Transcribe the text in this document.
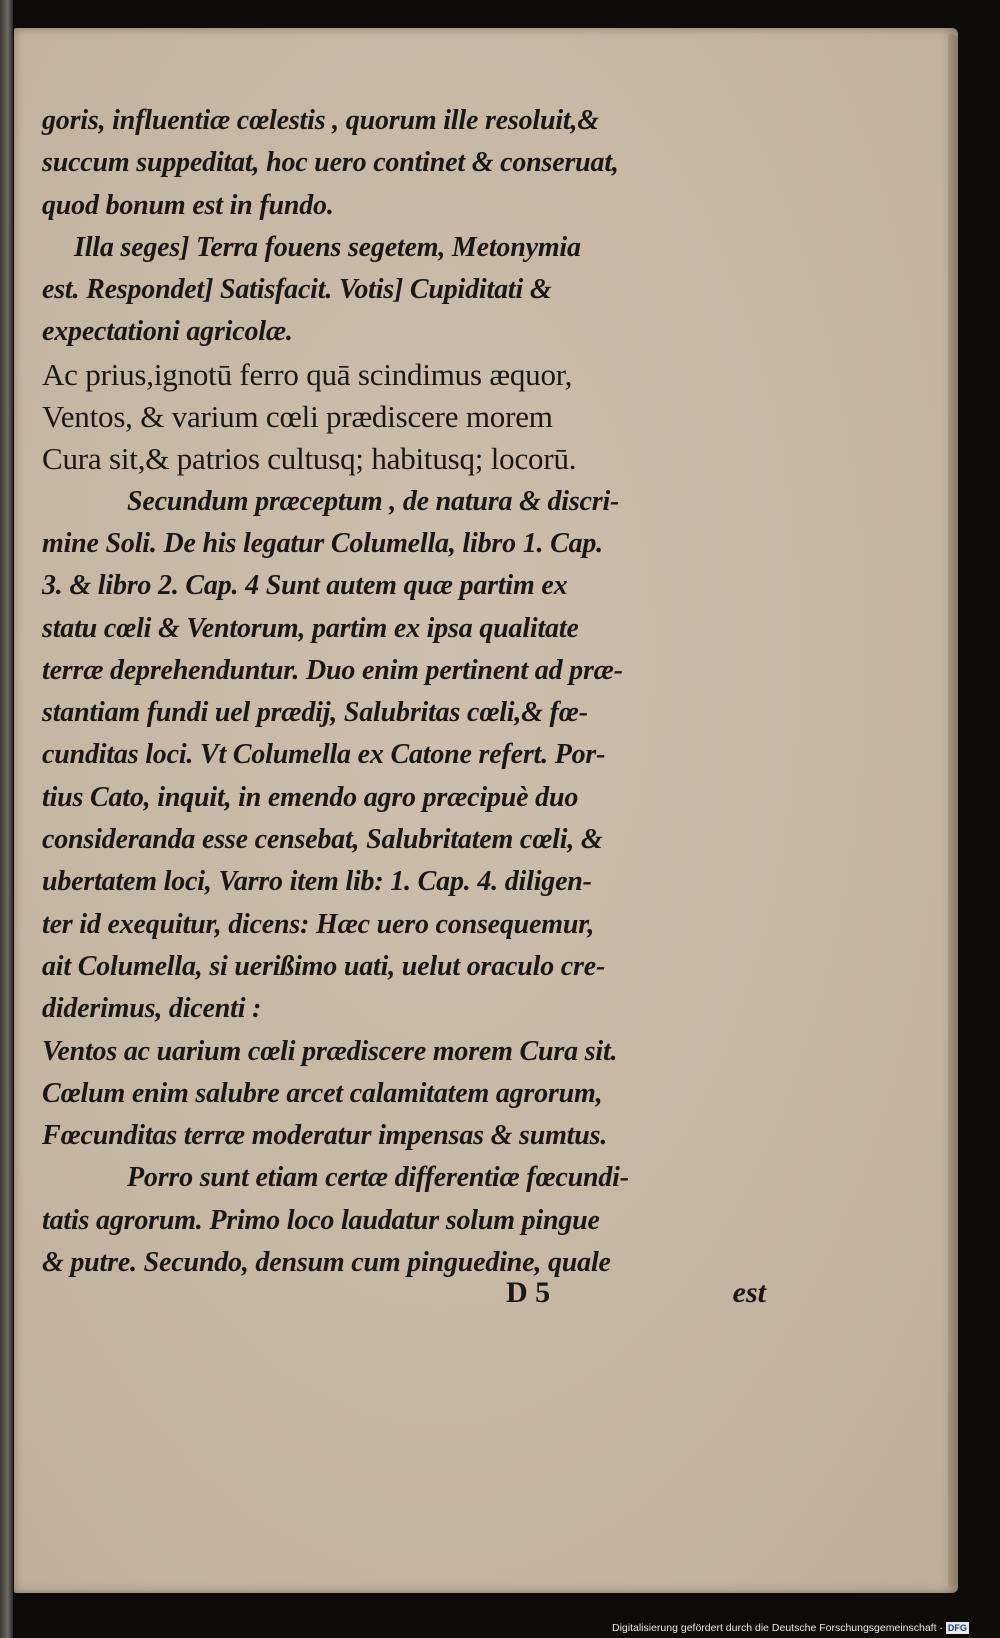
goris, influentiæ cœlestis , quorum ille resoluit,&
succum suppeditat, hoc uero continet & conseruat,
quod bonum est in fundo.
Illa seges] Terra fouens segetem, Metonymia
est. Respondet] Satisfacit. Votis] Cupiditati &
expectationi agricolæ.
Ac prius,ignotū ferro quā scindimus æquor,
Ventos, & varium cœli prædiscere morem
Cura sit,& patrios cultusq; habitusq; locorū.
Secundum præceptum , de natura & discri-
mine Soli. De his legatur Columella, libro 1. Cap.
3. & libro 2. Cap. 4 Sunt autem quæ partim ex
statu cœli & Ventorum, partim ex ipsa qualitate
terræ deprehenduntur. Duo enim pertinent ad præ-
stantiam fundi uel prædij, Salubritas cœli,& fœ-
cunditas loci. Vt Columella ex Catone refert. Por-
tius Cato, inquit, in emendo agro præcipuè duo
consideranda esse censebat, Salubritatem cœli, &
ubertatem loci, Varro item lib: 1. Cap. 4. diligen-
ter id exequitur, dicens: Hæc uero consequemur,
ait Columella, si uerißimo uati, uelut oraculo cre-
diderimus, dicenti :
Ventos ac uarium cœli prædiscere morem Cura sit.
Cœlum enim salubre arcet calamitatem agrorum,
Fœcunditas terræ moderatur impensas & sumtus.
Porro sunt etiam certæ differentiæ fœcundi-
tatis agrorum. Primo loco laudatur solum pingue
& putre. Secundo, densum cum pinguedine, quale
D 5	est
Digitalisierung gefördert durch die Deutsche Forschungsgemeinschaft · DFG
